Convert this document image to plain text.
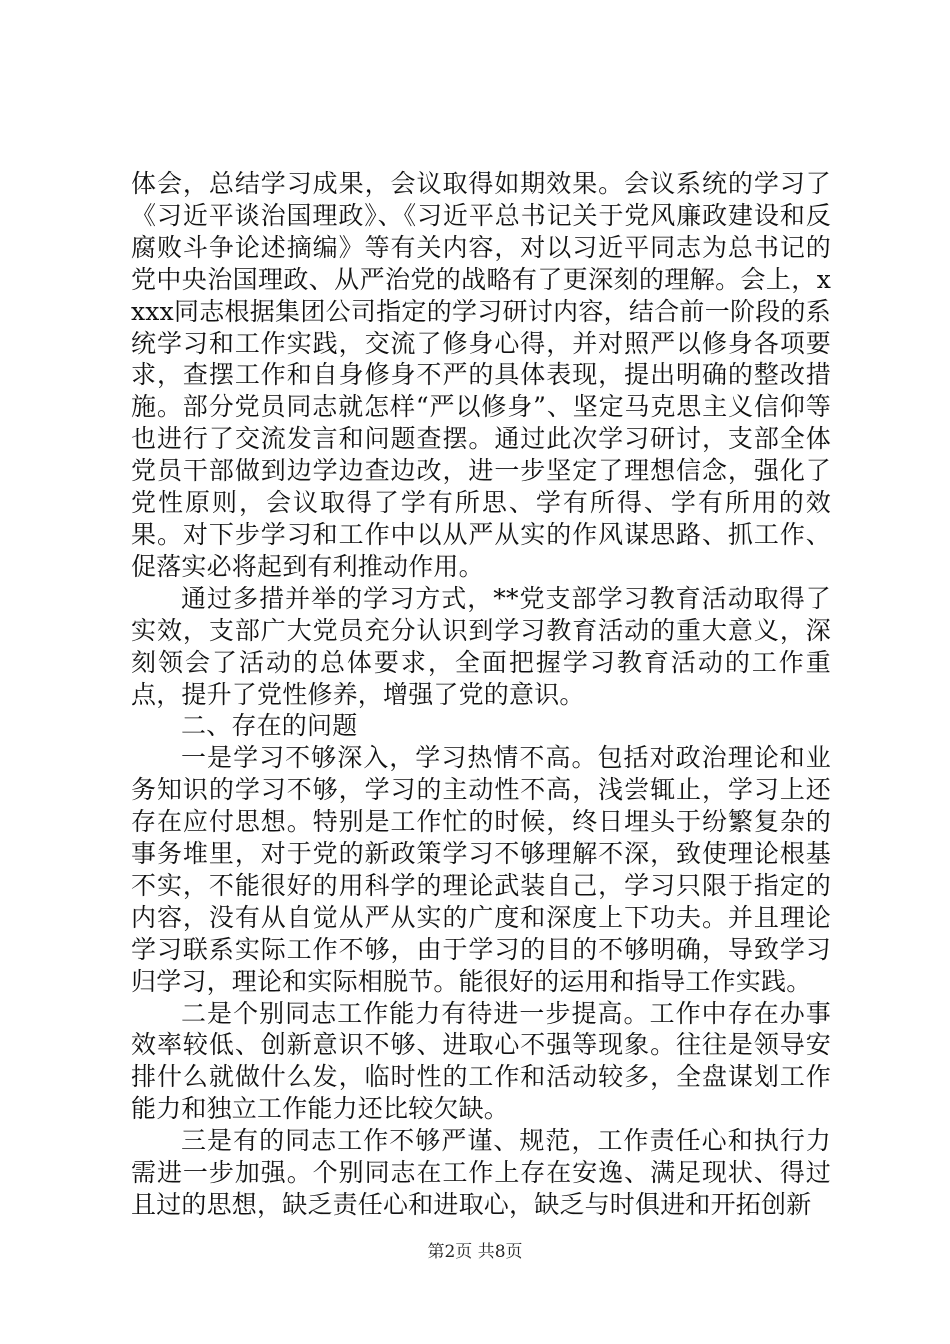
体会，总结学习成果，会议取得如期效果。会议系统的学习了《习近平谈治国理政》、《习近平总书记关于党风廉政建设和反腐败斗争论述摘编》等有关内容，对以习近平同志为总书记的党中央治国理政、从严治党的战略有了更深刻的理解。会上，xxxx同志根据集团公司指定的学习研讨内容，结合前一阶段的系统学习和工作实践，交流了修身心得，并对照严以修身各项要求，查摆工作和自身修身不严的具体表现，提出明确的整改措施。部分党员同志就怎样“严以修身”、坚定马克思主义信仰等也进行了交流发言和问题查摆。通过此次学习研讨，支部全体党员干部做到边学边查边改，进一步坚定了理想信念，强化了党性原则，会议取得了学有所思、学有所得、学有所用的效果。对下步学习和工作中以从严从实的作风谋思路、抓工作、促落实必将起到有利推动作用。

通过多措并举的学习方式，**党支部学习教育活动取得了实效，支部广大党员充分认识到学习教育活动的重大意义，深刻领会了活动的总体要求，全面把握学习教育活动的工作重点，提升了党性修养，增强了党的意识。

二、存在的问题

一是学习不够深入，学习热情不高。包括对政治理论和业务知识的学习不够，学习的主动性不高，浅尝辄止，学习上还存在应付思想。特别是工作忙的时候，终日埋头于纷繁复杂的事务堆里，对于党的新政策学习不够理解不深，致使理论根基不实，不能很好的用科学的理论武装自己，学习只限于指定的内容，没有从自觉从严从实的广度和深度上下功夫。并且理论学习联系实际工作不够，由于学习的目的不够明确，导致学习归学习，理论和实际相脱节。能很好的运用和指导工作实践。

二是个别同志工作能力有待进一步提高。工作中存在办事效率较低、创新意识不够、进取心不强等现象。往往是领导安排什么就做什么发，临时性的工作和活动较多，全盘谋划工作能力和独立工作能力还比较欠缺。

三是有的同志工作不够严谨、规范，工作责任心和执行力需进一步加强。个别同志在工作上存在安逸、满足现状、得过且过的思想，缺乏责任心和进取心，缺乏与时俱进和开拓创新

第2页 共8页
